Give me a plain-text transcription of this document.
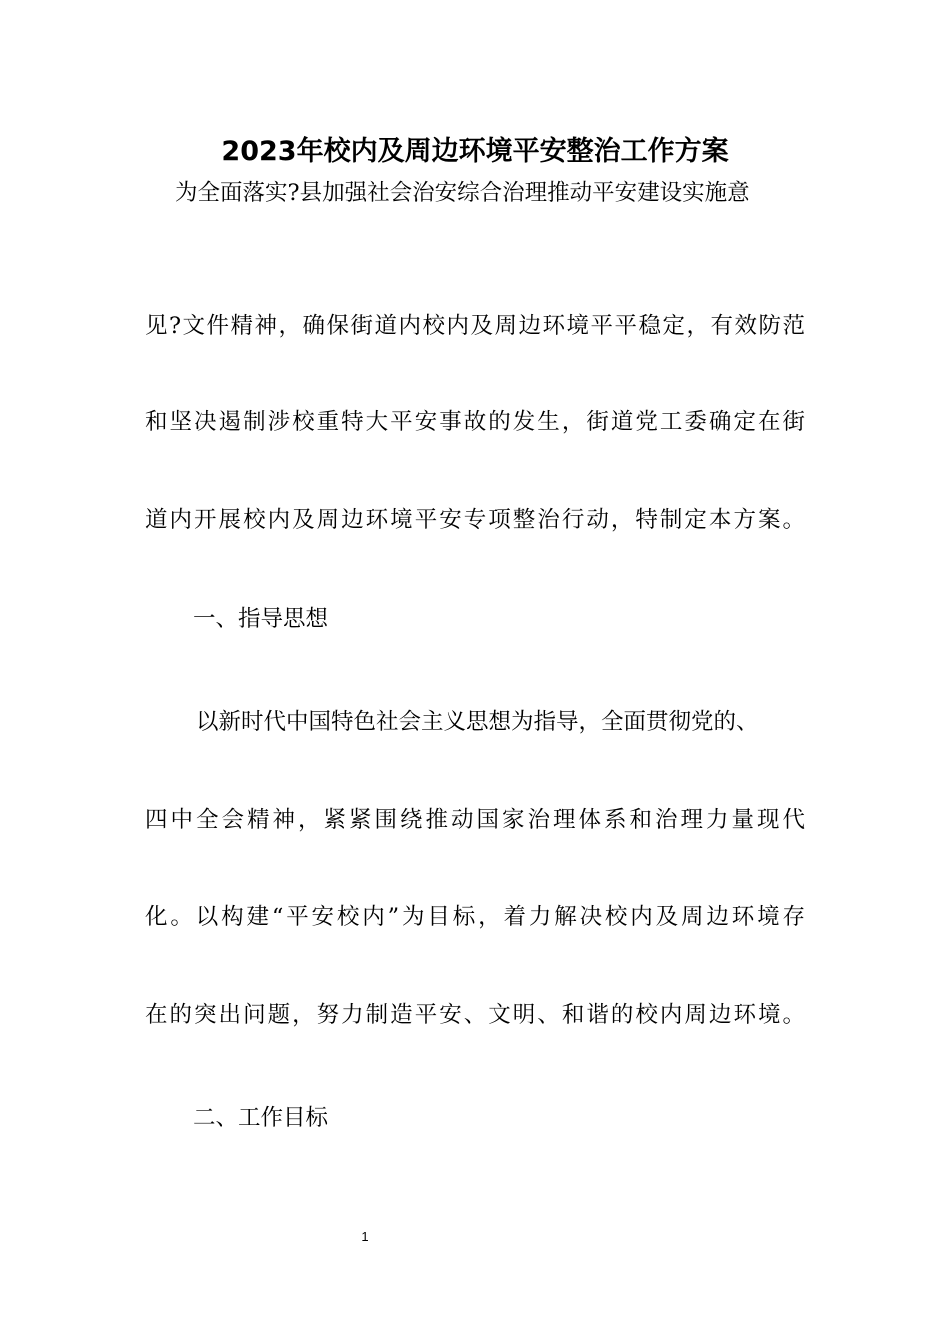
2023年校内及周边环境平安整治工作方案
为全面落实?县加强社会治安综合治理推动平安建设实施意
见?文件精神，确保街道内校内及周边环境平平稳定，有效防范
和坚决遏制涉校重特大平安事故的发生，街道党工委确定在街
道内开展校内及周边环境平安专项整治行动，特制定本方案。
一、指导思想
以新时代中国特色社会主义思想为指导，全面贯彻党的、
四中全会精神，紧紧围绕推动国家治理体系和治理力量现代
化。以构建“平安校内”为目标，着力解决校内及周边环境存
在的突出问题，努力制造平安、文明、和谐的校内周边环境。
二、工作目标
1
